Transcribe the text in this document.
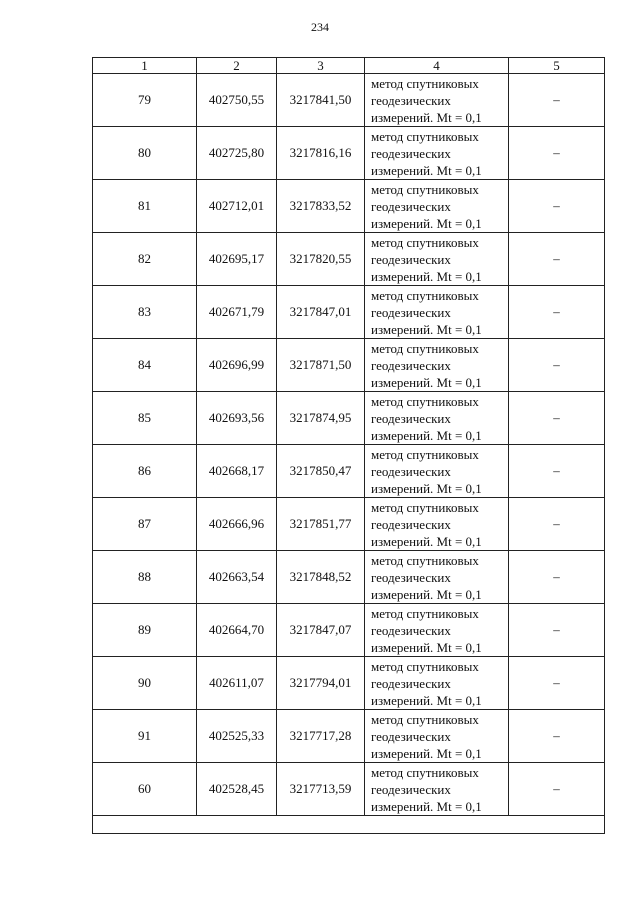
234
1	2	3	4	5
79	402750,55	3217841,50	метод спутниковых
геодезических
измерений. Mt = 0,1	–
80	402725,80	3217816,16	метод спутниковых
геодезических
измерений. Mt = 0,1	–
81	402712,01	3217833,52	метод спутниковых
геодезических
измерений. Mt = 0,1	–
82	402695,17	3217820,55	метод спутниковых
геодезических
измерений. Mt = 0,1	–
83	402671,79	3217847,01	метод спутниковых
геодезических
измерений. Mt = 0,1	–
84	402696,99	3217871,50	метод спутниковых
геодезических
измерений. Mt = 0,1	–
85	402693,56	3217874,95	метод спутниковых
геодезических
измерений. Mt = 0,1	–
86	402668,17	3217850,47	метод спутниковых
геодезических
измерений. Mt = 0,1	–
87	402666,96	3217851,77	метод спутниковых
геодезических
измерений. Mt = 0,1	–
88	402663,54	3217848,52	метод спутниковых
геодезических
измерений. Mt = 0,1	–
89	402664,70	3217847,07	метод спутниковых
геодезических
измерений. Mt = 0,1	–
90	402611,07	3217794,01	метод спутниковых
геодезических
измерений. Mt = 0,1	–
91	402525,33	3217717,28	метод спутниковых
геодезических
измерений. Mt = 0,1	–
60	402528,45	3217713,59	метод спутниковых
геодезических
измерений. Mt = 0,1	–
